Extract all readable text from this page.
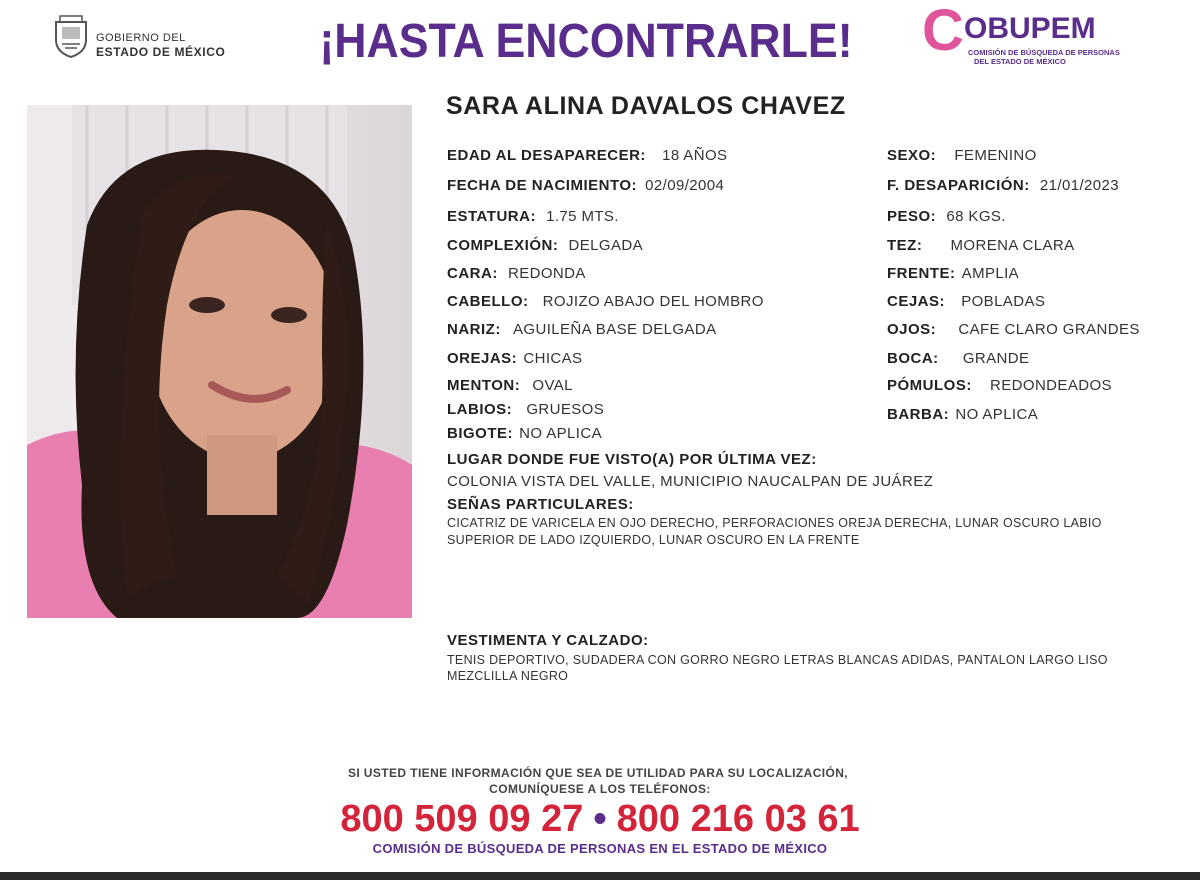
GOBIERNO DEL
ESTADO DE MÉXICO ¡HASTA ENCONTRARLE! C OBUPEM
COMISIÓN DE BÚSQUEDA DE PERSONAS
DEL ESTADO DE MÉXICO
SARA ALINA DAVALOS CHAVEZ
EDAD AL DESAPARECER: 18 AÑOS
FECHA DE NACIMIENTO: 02/09/2004
ESTATURA: 1.75 MTS.
COMPLEXIÓN: DELGADA
CARA: REDONDA
CABELLO: ROJIZO ABAJO DEL HOMBRO
NARIZ: AGUILEÑA BASE DELGADA
OREJAS: CHICAS
MENTON: OVAL
LABIOS: GRUESOS
BIGOTE: NO APLICA
SEXO: FEMENINO
F. DESAPARICIÓN: 21/01/2023
PESO: 68 KGS.
TEZ: MORENA CLARA
FRENTE: AMPLIA
CEJAS: POBLADAS
OJOS: CAFE CLARO GRANDES
BOCA: GRANDE
PÓMULOS: REDONDEADOS
BARBA: NO APLICA
LUGAR DONDE FUE VISTO(A) POR ÚLTIMA VEZ:
COLONIA VISTA DEL VALLE, MUNICIPIO NAUCALPAN DE JUÁREZ
SEÑAS PARTICULARES:
CICATRIZ DE VARICELA EN OJO DERECHO, PERFORACIONES OREJA DERECHA, LUNAR OSCURO LABIO
SUPERIOR DE LADO IZQUIERDO, LUNAR OSCURO EN LA FRENTE
VESTIMENTA Y CALZADO:
TENIS DEPORTIVO, SUDADERA CON GORRO NEGRO LETRAS BLANCAS ADIDAS, PANTALON LARGO LISO
MEZCLILLA NEGRO
SI USTED TIENE INFORMACIÓN QUE SEA DE UTILIDAD PARA SU LOCALIZACIÓN,
COMUNÍQUESE A LOS TELÉFONOS:
800 509 09 27 • 800 216 03 61
COMISIÓN DE BÚSQUEDA DE PERSONAS EN EL ESTADO DE MÉXICO
